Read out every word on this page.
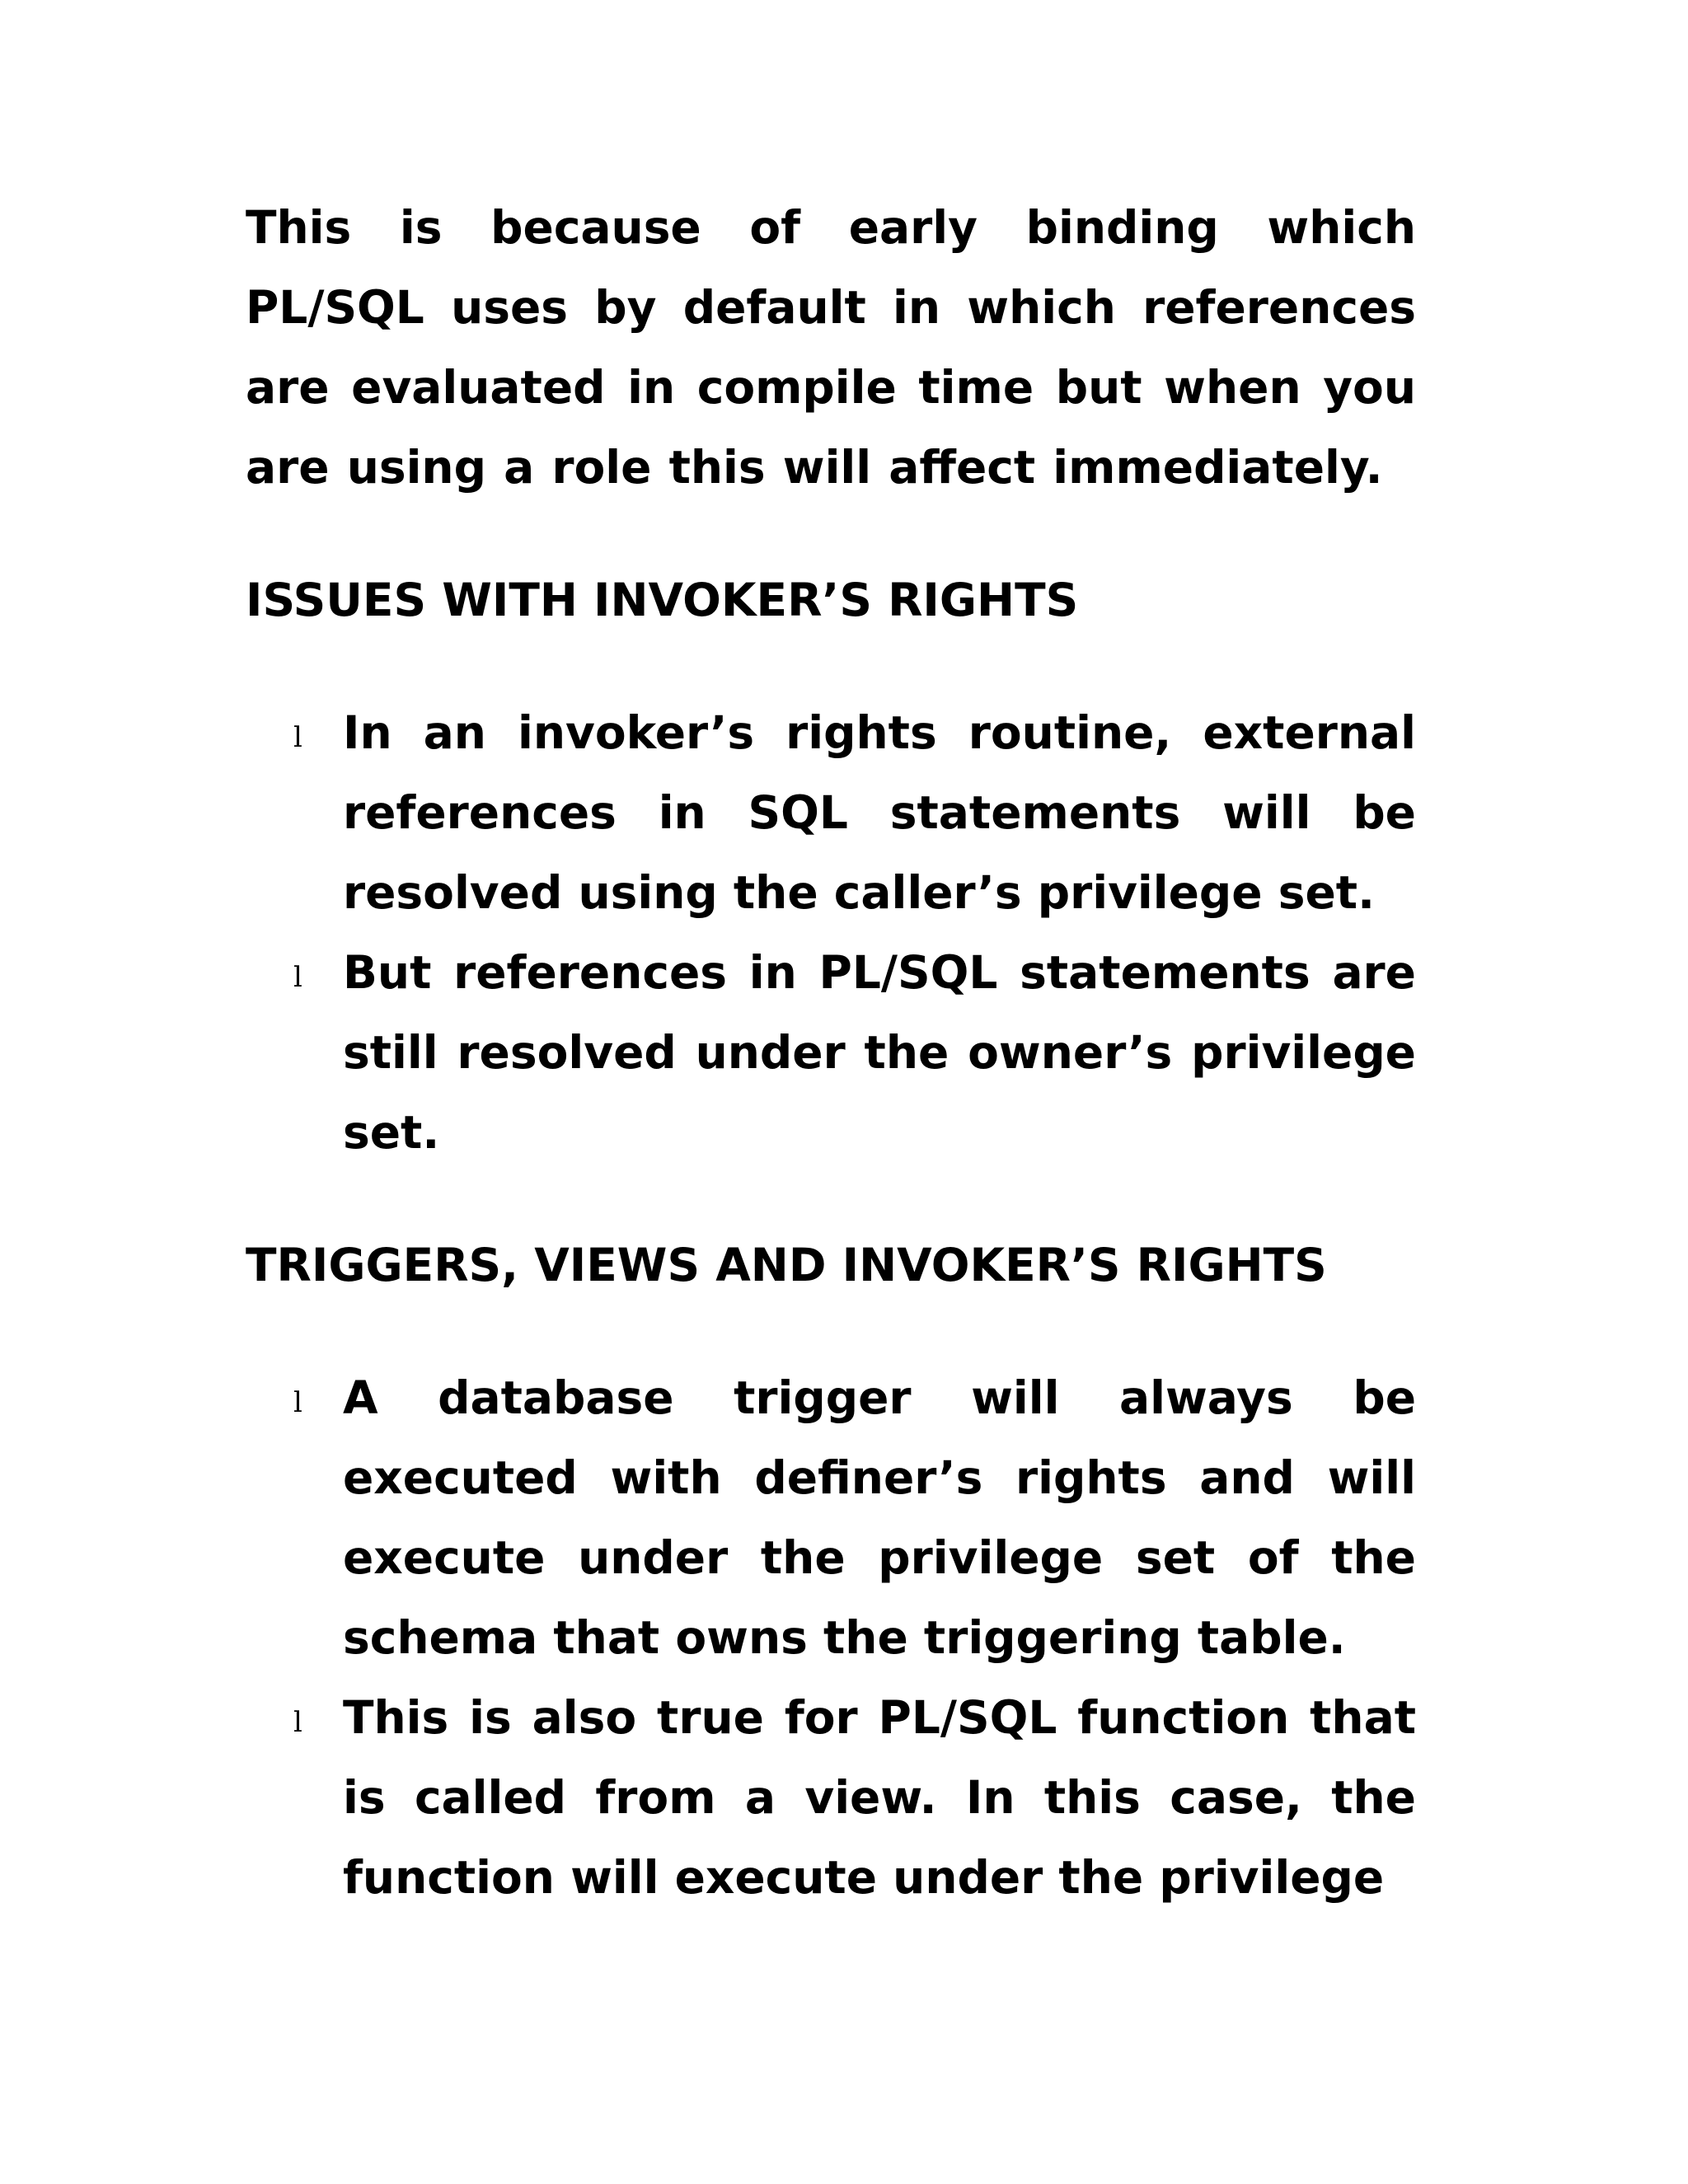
This is because of early binding which PL/SQL uses by default in which references are evaluated in compile time but when you are using a role this will affect immediately.

ISSUES WITH INVOKER’S RIGHTS
l In an invoker’s rights routine, external references in SQL statements will be resolved using the caller’s privilege set.
l But references in PL/SQL statements are still resolved under the owner’s privilege set.
TRIGGERS, VIEWS AND INVOKER’S RIGHTS
l A database trigger will always be executed with definer’s rights and will execute under the privilege set of the schema that owns the triggering table.
l This is also true for PL/SQL function that is called from a view. In this case, the function will execute under the privilege
